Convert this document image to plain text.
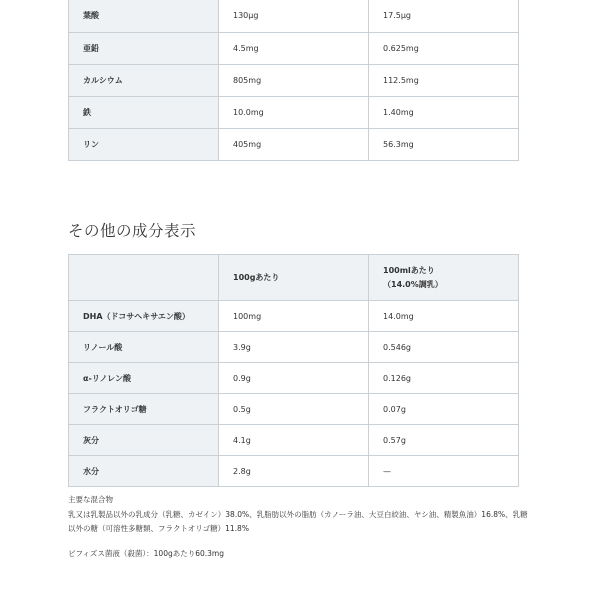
葉酸	130μg	17.5μg
亜鉛	4.5mg	0.625mg
カルシウム	805mg	112.5mg
鉄	10.0mg	1.40mg
リン	405mg	56.3mg
その他の成分表示
	100gあたり	100mlあたり
（14.0%調乳）
DHA（ドコサヘキサエン酸）	100mg	14.0mg
リノール酸	3.9g	0.546g
α-リノレン酸	0.9g	0.126g
フラクトオリゴ糖	0.5g	0.07g
灰分	4.1g	0.57g
水分	2.8g	—

主要な混合物

乳又は乳製品以外の乳成分（乳糖、カゼイン）38.0%、乳脂肪以外の脂肪（カノーラ油、大豆白絞油、ヤシ油、精製魚油）16.8%、乳糖以外の糖（可溶性多糖類、フラクトオリゴ糖）11.8%

ビフィズス菌液（殺菌）：100gあたり60.3mg
